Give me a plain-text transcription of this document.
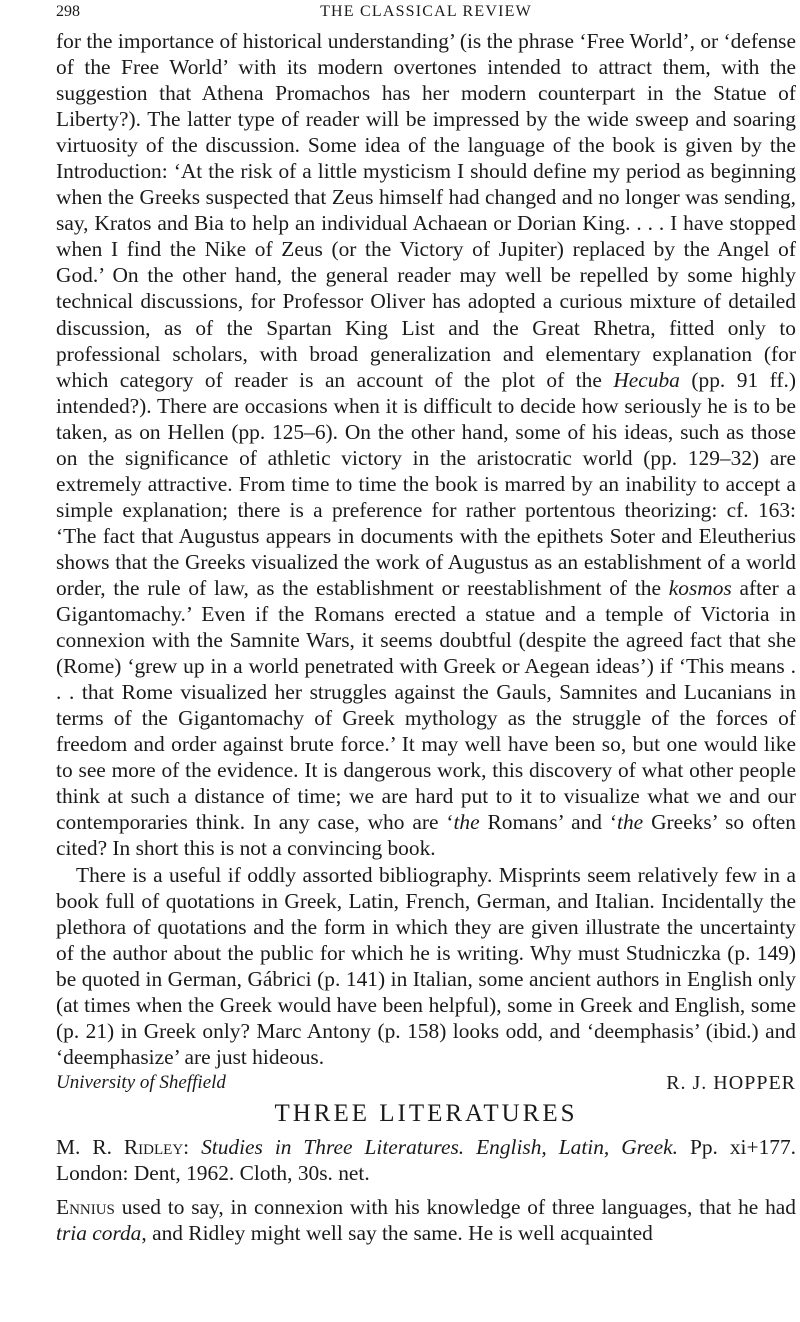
298	THE CLASSICAL REVIEW

for the importance of historical understanding’ (is the phrase ‘Free World’, or ‘defense of the Free World’ with its modern overtones intended to attract them, with the suggestion that Athena Promachos has her modern counterpart in the Statue of Liberty?). The latter type of reader will be impressed by the wide sweep and soaring virtuosity of the discussion. Some idea of the language of the book is given by the Introduction: ‘At the risk of a little mysticism I should define my period as beginning when the Greeks suspected that Zeus himself had changed and no longer was sending, say, Kratos and Bia to help an individual Achaean or Dorian King. . . . I have stopped when I find the Nike of Zeus (or the Victory of Jupiter) replaced by the Angel of God.’ On the other hand, the general reader may well be repelled by some highly technical discussions, for Professor Oliver has adopted a curious mixture of detailed discussion, as of the Spartan King List and the Great Rhetra, fitted only to professional scholars, with broad generalization and elementary explanation (for which category of reader is an account of the plot of the Hecuba (pp. 91 ff.) intended?). There are occasions when it is difficult to decide how seriously he is to be taken, as on Hellen (pp. 125–6). On the other hand, some of his ideas, such as those on the significance of athletic victory in the aristocratic world (pp. 129–32) are extremely attractive. From time to time the book is marred by an inability to accept a simple explanation; there is a preference for rather portentous theorizing: cf. 163: ‘The fact that Augustus appears in documents with the epithets Soter and Eleutherius shows that the Greeks visualized the work of Augustus as an establishment of a world order, the rule of law, as the establishment or reestablishment of the kosmos after a Gigantomachy.’ Even if the Romans erected a statue and a temple of Victoria in connexion with the Samnite Wars, it seems doubtful (despite the agreed fact that she (Rome) ‘grew up in a world penetrated with Greek or Aegean ideas’) if ‘This means . . . that Rome visualized her struggles against the Gauls, Samnites and Lucanians in terms of the Gigantomachy of Greek mythology as the struggle of the forces of freedom and order against brute force.’ It may well have been so, but one would like to see more of the evidence. It is dangerous work, this discovery of what other people think at such a distance of time; we are hard put to it to visualize what we and our contemporaries think. In any case, who are ‘the Romans’ and ‘the Greeks’ so often cited? In short this is not a convincing book.

There is a useful if oddly assorted bibliography. Misprints seem relatively few in a book full of quotations in Greek, Latin, French, German, and Italian. Incidentally the plethora of quotations and the form in which they are given illustrate the uncertainty of the author about the public for which he is writing. Why must Studniczka (p. 149) be quoted in German, Gábrici (p. 141) in Italian, some ancient authors in English only (at times when the Greek would have been helpful), some in Greek and English, some (p. 21) in Greek only? Marc Antony (p. 158) looks odd, and ‘deemphasis’ (ibid.) and ‘deemphasize’ are just hideous.

University of Sheffield	R. J. HOPPER
THREE LITERATURES

M. R. Ridley: Studies in Three Literatures. English, Latin, Greek. Pp. xi+177. London: Dent, 1962. Cloth, 30s. net.

Ennius used to say, in connexion with his knowledge of three languages, that he had tria corda, and Ridley might well say the same. He is well acquainted
